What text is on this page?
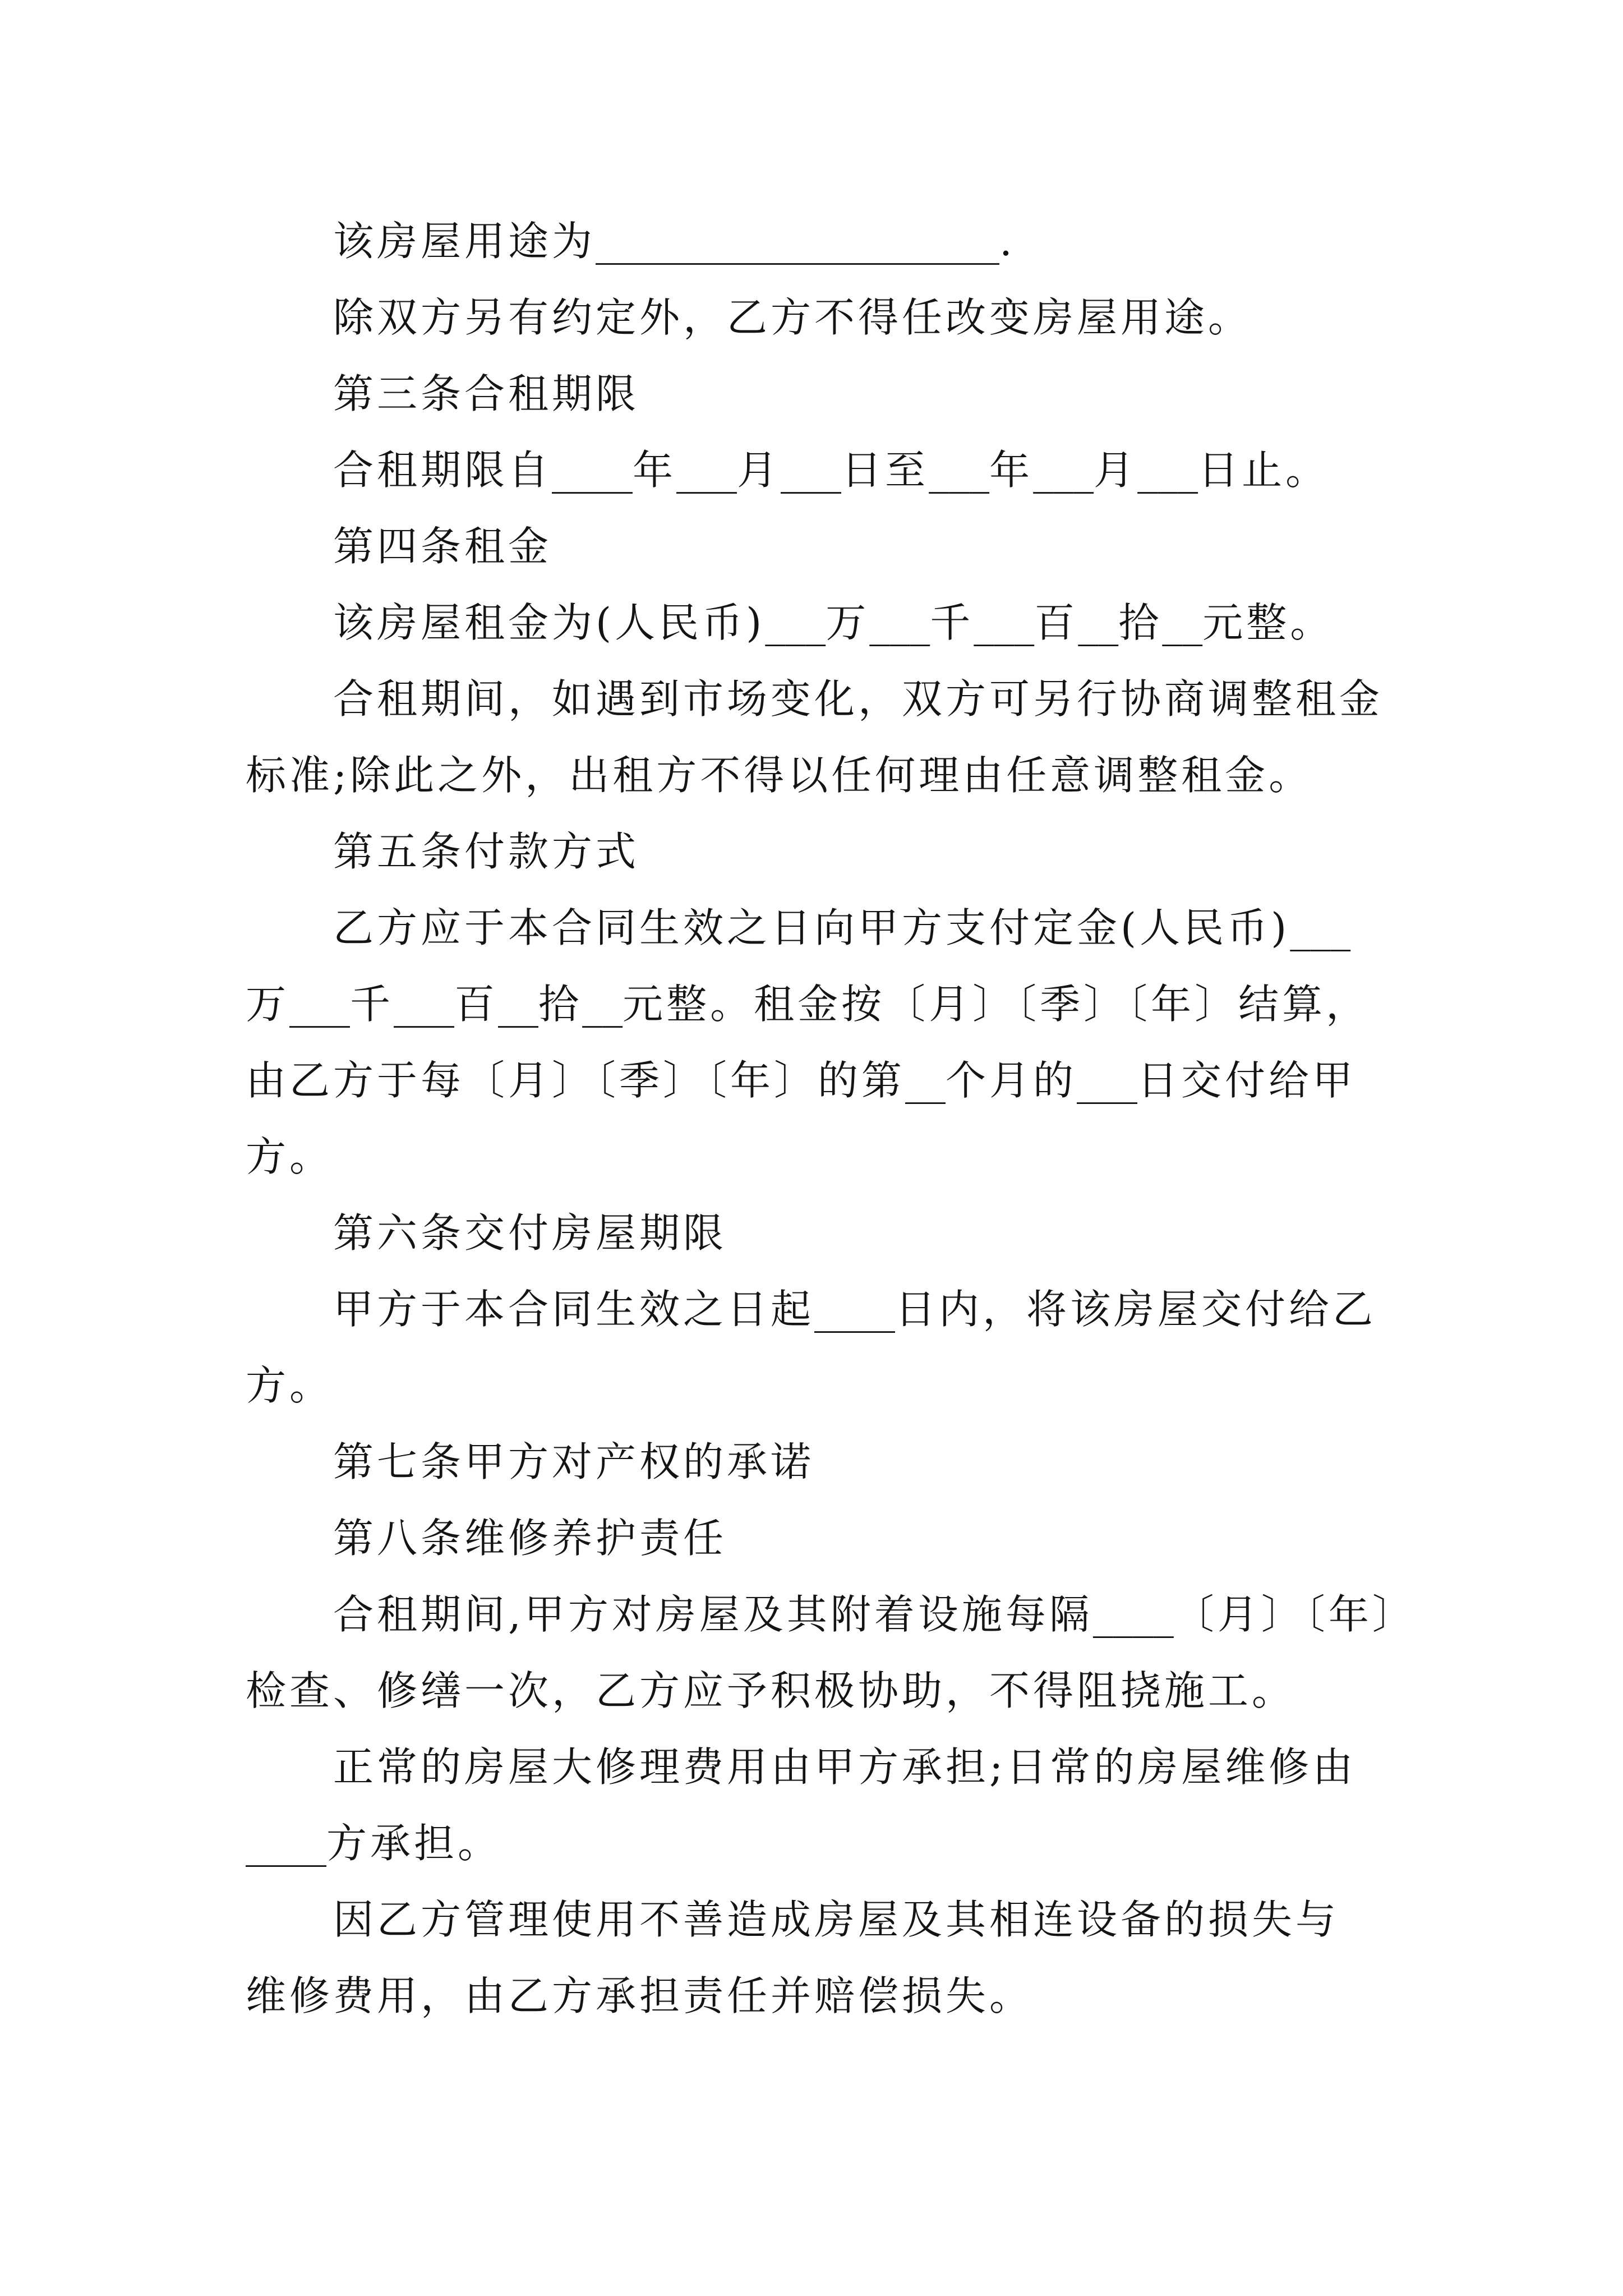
该房屋用途为____________________.
除双方另有约定外，乙方不得任改变房屋用途。
第三条合租期限
合租期限自____年___月___日至___年___月___日止。
第四条租金
该房屋租金为(人民币)___万___千___百__拾__元整。
合租期间，如遇到市场变化，双方可另行协商调整租金
标准;除此之外，出租方不得以任何理由任意调整租金。
第五条付款方式
乙方应于本合同生效之日向甲方支付定金(人民币)___
万___千___百__拾__元整。租金按〔月〕〔季〕〔年〕结算，
由乙方于每〔月〕〔季〕〔年〕的第__个月的___日交付给甲
方。
第六条交付房屋期限
甲方于本合同生效之日起____日内，将该房屋交付给乙
方。
第七条甲方对产权的承诺
第八条维修养护责任
合租期间,甲方对房屋及其附着设施每隔____〔月〕〔年〕
检查、修缮一次，乙方应予积极协助，不得阻挠施工。
正常的房屋大修理费用由甲方承担;日常的房屋维修由
____方承担。
因乙方管理使用不善造成房屋及其相连设备的损失与
维修费用，由乙方承担责任并赔偿损失。
